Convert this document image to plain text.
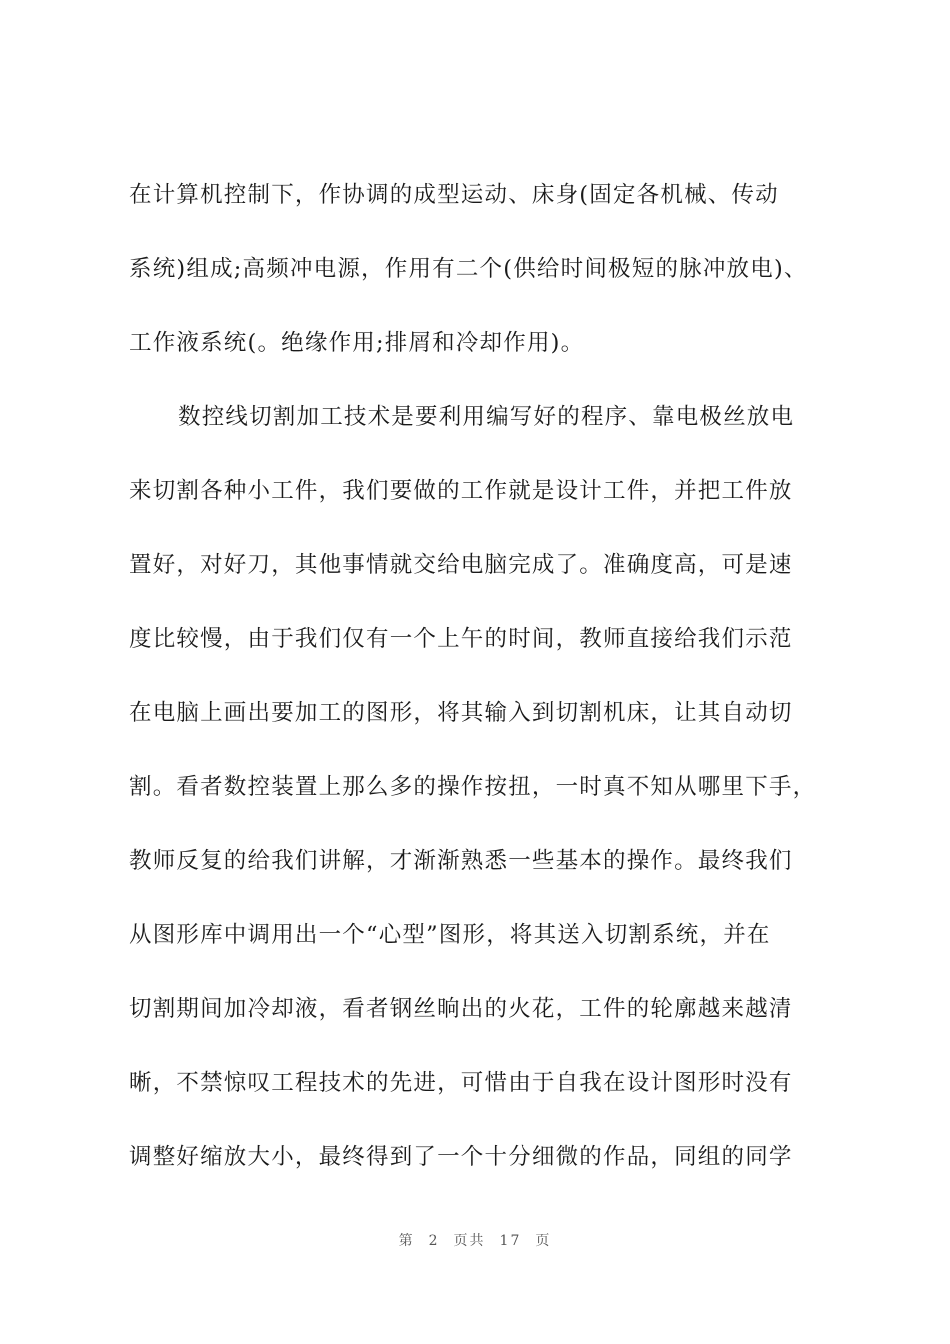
在计算机控制下，作协调的成型运动、床身(固定各机械、传动
系统)组成;高频冲电源，作用有二个(供给时间极短的脉冲放电)、
工作液系统(。绝缘作用;排屑和冷却作用)。
数控线切割加工技术是要利用编写好的程序、靠电极丝放电
来切割各种小工件，我们要做的工作就是设计工件，并把工件放
置好，对好刀，其他事情就交给电脑完成了。准确度高，可是速
度比较慢，由于我们仅有一个上午的时间，教师直接给我们示范
在电脑上画出要加工的图形，将其输入到切割机床，让其自动切
割。看者数控装置上那么多的操作按扭，一时真不知从哪里下手，
教师反复的给我们讲解，才渐渐熟悉一些基本的操作。最终我们
从图形库中调用出一个“心型”图形，将其送入切割系统，并在
切割期间加冷却液，看者钢丝晌出的火花，工件的轮廓越来越清
晰，不禁惊叹工程技术的先进，可惜由于自我在设计图形时没有
调整好缩放大小，最终得到了一个十分细微的作品，同组的同学
第 2 页共 17 页
